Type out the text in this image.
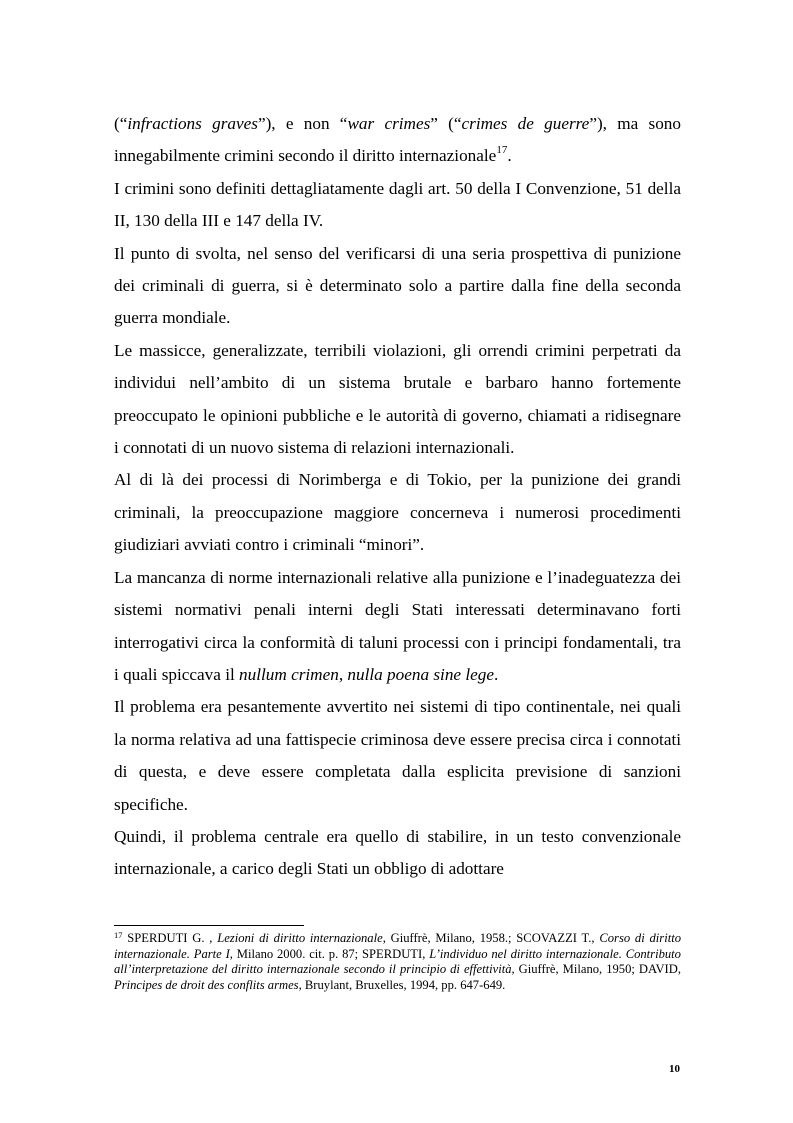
(“infractions graves”), e non “war crimes” (“crimes de guerre”), ma sono innegabilmente crimini secondo il diritto internazionale$^{17}$.

I crimini sono definiti dettagliatamente dagli art. 50 della I Convenzione, 51 della II, 130 della III e 147 della IV.

Il punto di svolta, nel senso del verificarsi di una seria prospettiva di punizione dei criminali di guerra, si è determinato solo a partire dalla fine della seconda guerra mondiale.

Le massicce, generalizzate, terribili violazioni, gli orrendi crimini perpetrati da individui nell’ambito di un sistema brutale e barbaro hanno fortemente preoccupato le opinioni pubbliche e le autorità di governo, chiamati a ridisegnare i connotati di un nuovo sistema di relazioni internazionali.

Al di là dei processi di Norimberga e di Tokio, per la punizione dei grandi criminali, la preoccupazione maggiore concerneva i numerosi procedimenti giudiziari avviati contro i criminali “minori”.

La mancanza di norme internazionali relative alla punizione e l’inadeguatezza dei sistemi normativi penali interni degli Stati interessati determinavano forti interrogativi circa la conformità di taluni processi con i principi fondamentali, tra i quali spiccava il nullum crimen, nulla poena sine lege.

Il problema era pesantemente avvertito nei sistemi di tipo continentale, nei quali la norma relativa ad una fattispecie criminosa deve essere precisa circa i connotati di questa, e deve essere completata dalla esplicita previsione di sanzioni specifiche.

Quindi, il problema centrale era quello di stabilire, in un testo convenzionale internazionale, a carico degli Stati un obbligo di adottare

$^{17}$ SPERDUTI G. , Lezioni di diritto internazionale, Giuffrè, Milano, 1958.; SCOVAZZI T., Corso di diritto internazionale. Parte I, Milano 2000. cit. p. 87; SPERDUTI, L’individuo nel diritto internazionale. Contributo all’interpretazione del diritto internazionale secondo il principio di effettività, Giuffrè, Milano, 1950; DAVID, Principes de droit des conflits armes, Bruylant, Bruxelles, 1994, pp. 647-649.

10
